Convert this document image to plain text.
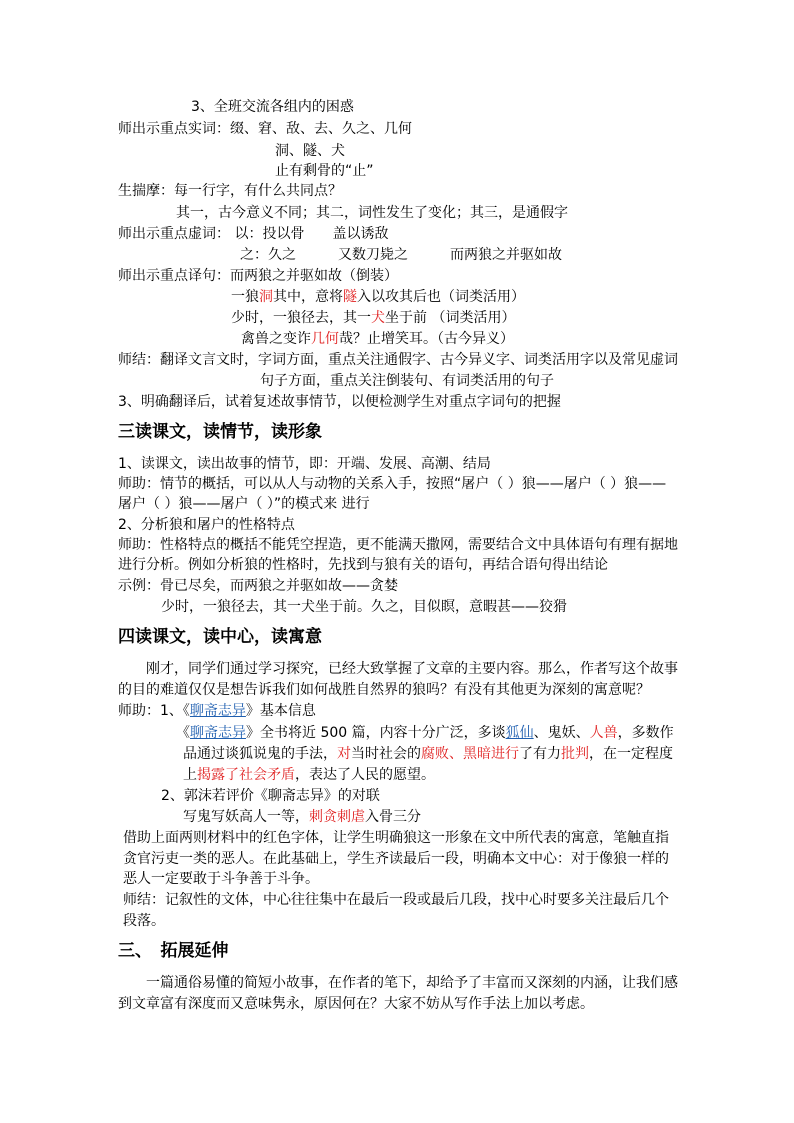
3、全班交流各组内的困惑
师出示重点实词：缀、窘、敌、去、久之、几何
洞、隧、犬
止有剩骨的“止”
生揣摩：每一行字，有什么共同点？
其一，古今意义不同；其二，词性发生了变化；其三，是通假字
师出示重点虚词： 以：投以骨　　盖以诱敌
之：久之　　　又数刀毙之　　　而两狼之并驱如故
师出示重点译句：而两狼之并驱如故（倒装）
一狼洞其中，意将隧入以攻其后也（词类活用）
少时，一狼径去，其一犬坐于前 （词类活用）
禽兽之变诈几何哉？止增笑耳。（古今异义）
师结：翻译文言文时，字词方面，重点关注通假字、古今异义字、词类活用字以及常见虚词
句子方面，重点关注倒装句、有词类活用的句子
3、明确翻译后，试着复述故事情节，以便检测学生对重点字词句的把握
三读课文，读情节，读形象
1、读课文，读出故事的情节，即：开端、发展、高潮、结局
师助：情节的概括，可以从人与动物的关系入手，按照“屠户（ ）狼——屠户（ ）狼——
屠户（ ）狼——屠户（ ）”的模式来 进行
2、分析狼和屠户的性格特点
师助：性格特点的概括不能凭空捏造，更不能满天撒网，需要结合文中具体语句有理有据地
进行分析。例如分析狼的性格时，先找到与狼有关的语句，再结合语句得出结论
示例：骨已尽矣，而两狼之并驱如故——贪婪
少时，一狼径去，其一犬坐于前。久之，目似瞑，意暇甚——狡猾
四读课文，读中心，读寓意
刚才，同学们通过学习探究，已经大致掌握了文章的主要内容。那么，作者写这个故事
的目的难道仅仅是想告诉我们如何战胜自然界的狼吗？有没有其他更为深刻的寓意呢？
师助：1、《聊斋志异》基本信息
《聊斋志异》全书将近 500 篇，内容十分广泛，多谈狐仙、鬼妖、人兽，多数作
品通过谈狐说鬼的手法，对当时社会的腐败、黑暗进行了有力批判，在一定程度
上揭露了社会矛盾，表达了人民的愿望。
2、郭沫若评价《聊斋志异》的对联
写鬼写妖高人一等，刺贪刺虐入骨三分
借助上面两则材料中的红色字体，让学生明确狼这一形象在文中所代表的寓意，笔触直指
贪官污吏一类的恶人。在此基础上，学生齐读最后一段，明确本文中心：对于像狼一样的
恶人一定要敢于斗争善于斗争。
师结：记叙性的文体，中心往往集中在最后一段或最后几段，找中心时要多关注最后几个
段落。
三、　拓展延伸
一篇通俗易懂的简短小故事，在作者的笔下，却给予了丰富而又深刻的内涵，让我们感
到文章富有深度而又意味隽永，原因何在？大家不妨从写作手法上加以考虑。
